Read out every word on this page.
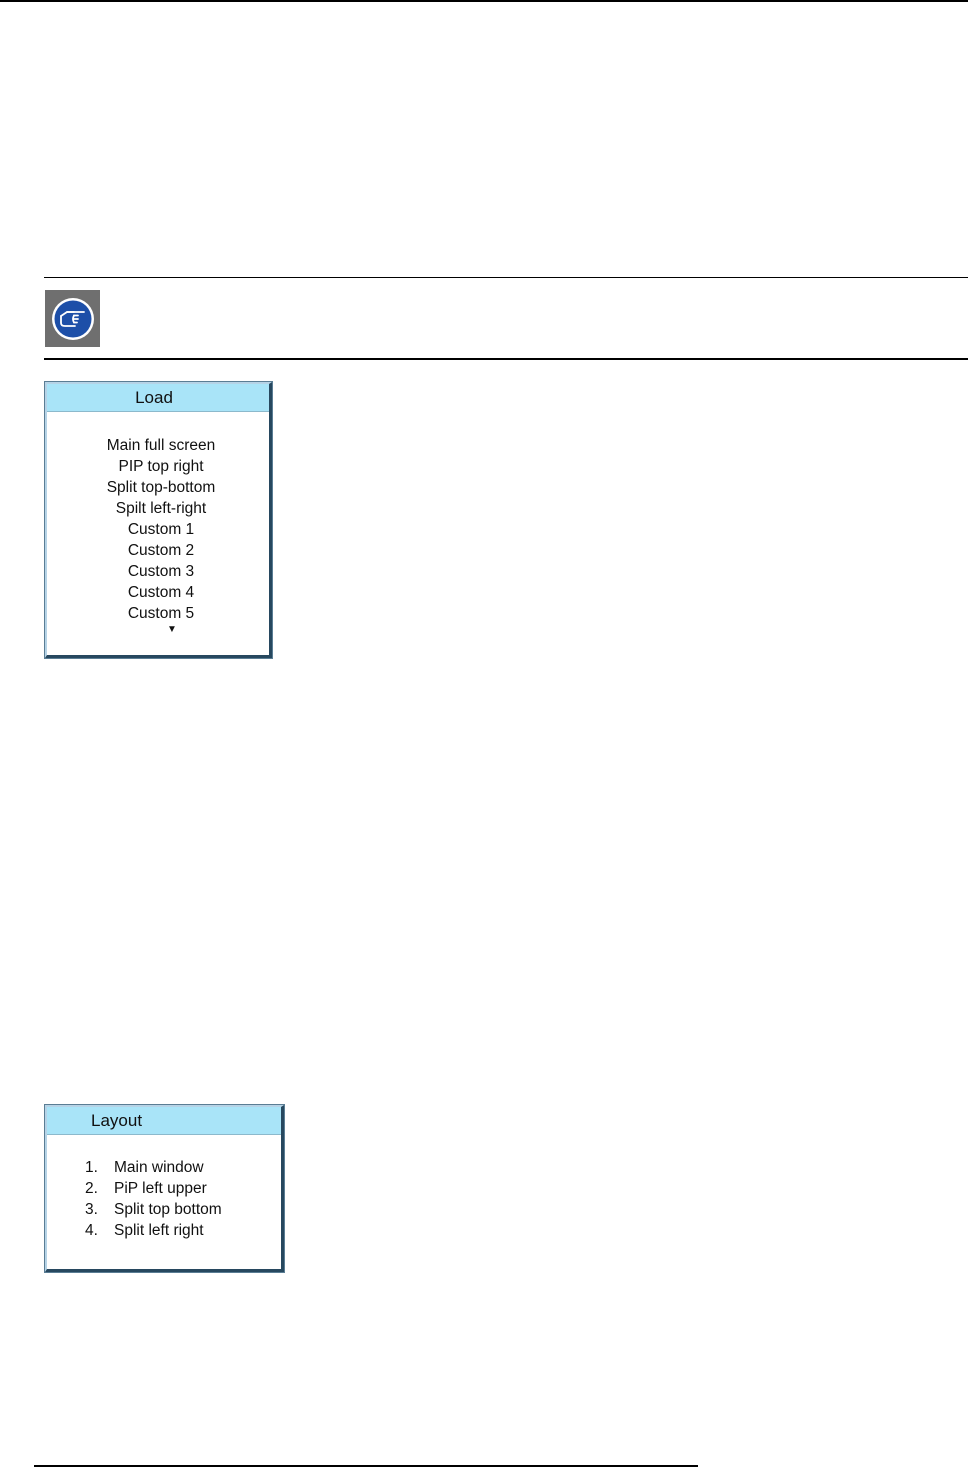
Load
Main full screen
PIP top right
Split top-bottom
Spilt left-right
Custom 1
Custom 2
Custom 3
Custom 4
Custom 5
▼
Layout
1. Main window
2. PiP left upper
3. Split top bottom
4. Split left right
